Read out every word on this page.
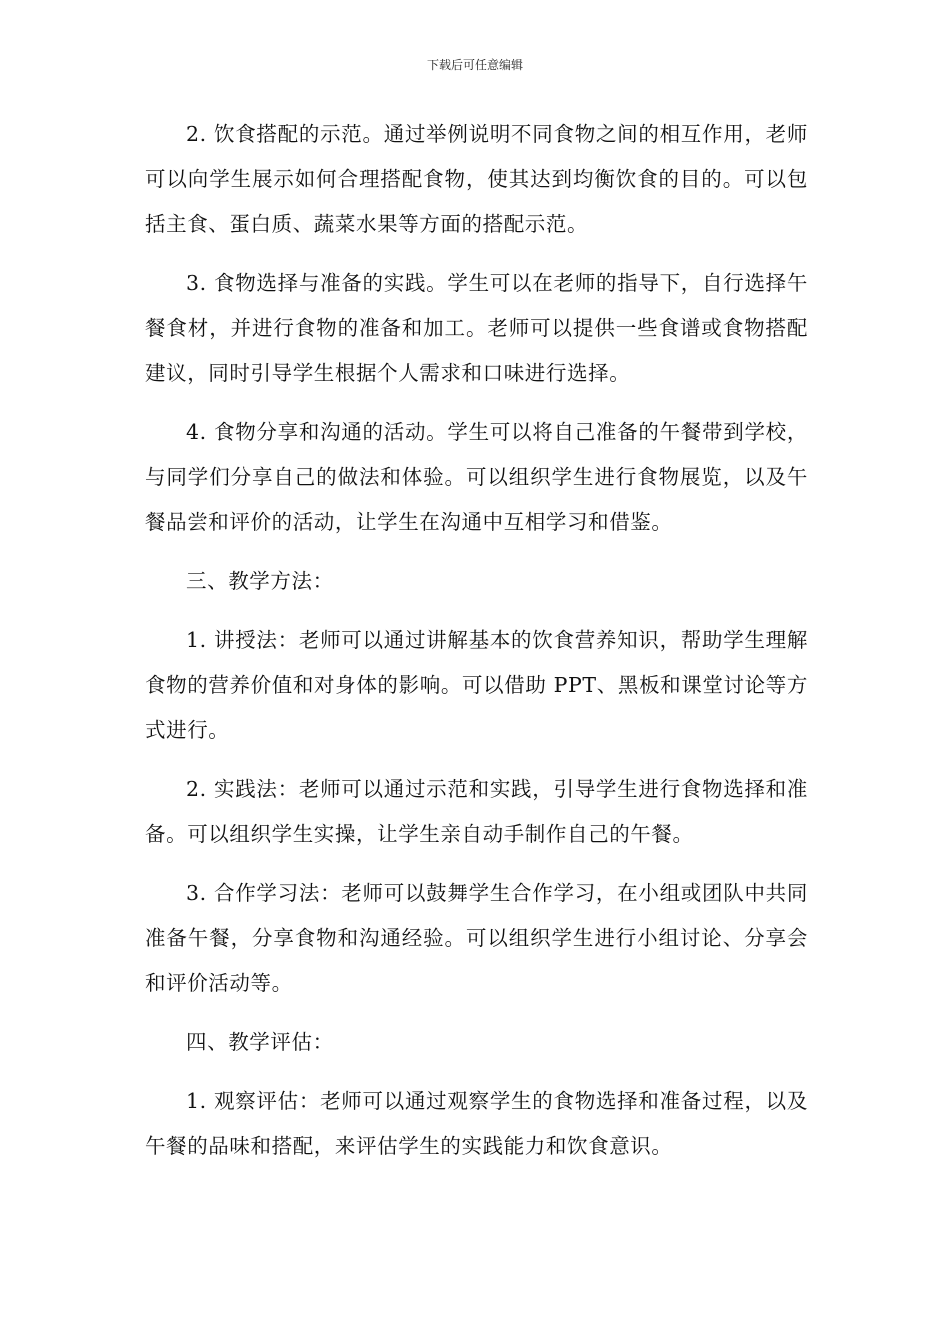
下载后可任意编辑

2. 饮食搭配的示范。通过举例说明不同食物之间的相互作用，老师可以向学生展示如何合理搭配食物，使其达到均衡饮食的目的。可以包括主食、蛋白质、蔬菜水果等方面的搭配示范。

3. 食物选择与准备的实践。学生可以在老师的指导下，自行选择午餐食材，并进行食物的准备和加工。老师可以提供一些食谱或食物搭配建议，同时引导学生根据个人需求和口味进行选择。

4. 食物分享和沟通的活动。学生可以将自己准备的午餐带到学校，与同学们分享自己的做法和体验。可以组织学生进行食物展览，以及午餐品尝和评价的活动，让学生在沟通中互相学习和借鉴。

三、教学方法：

1. 讲授法：老师可以通过讲解基本的饮食营养知识，帮助学生理解食物的营养价值和对身体的影响。可以借助 PPT、黑板和课堂讨论等方式进行。

2. 实践法：老师可以通过示范和实践，引导学生进行食物选择和准备。可以组织学生实操，让学生亲自动手制作自己的午餐。

3. 合作学习法：老师可以鼓舞学生合作学习，在小组或团队中共同准备午餐，分享食物和沟通经验。可以组织学生进行小组讨论、分享会和评价活动等。

四、教学评估：

1. 观察评估：老师可以通过观察学生的食物选择和准备过程，以及午餐的品味和搭配，来评估学生的实践能力和饮食意识。
